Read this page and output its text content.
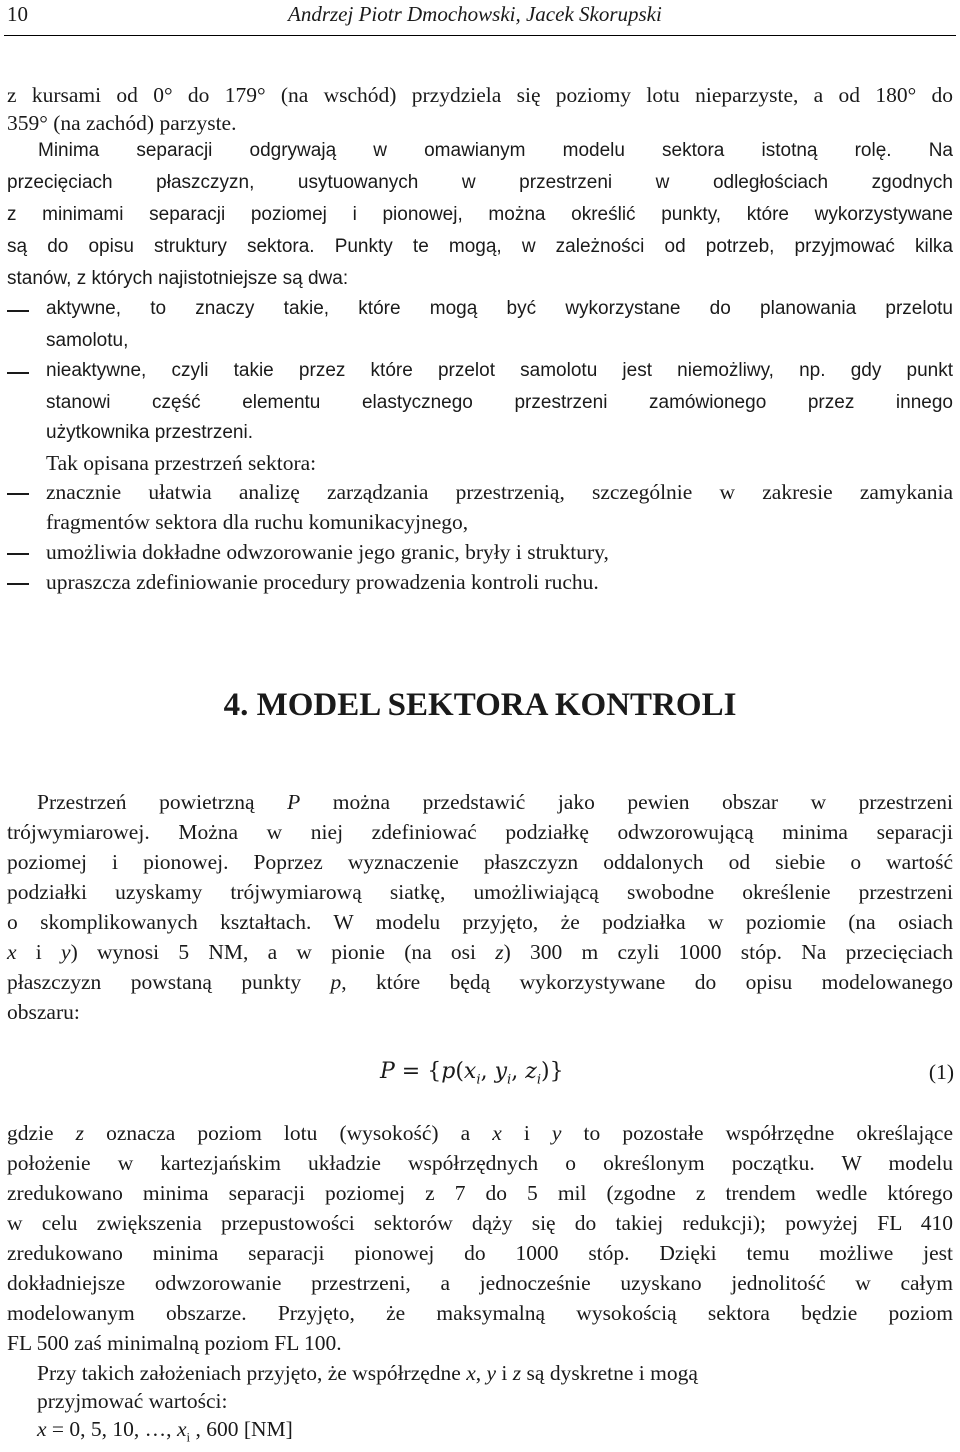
10	Andrzej Piotr Dmochowski, Jacek Skorupski
z kursami od 0° do 179° (na wschód) przydziela się poziomy lotu nieparzyste, a od 180° do
359° (na zachód) parzyste.
Minima separacji odgrywają w omawianym modelu sektora istotną rolę. Na
przecięciach płaszczyzn, usytuowanych w przestrzeni w odległościach zgodnych
z minimami separacji poziomej i pionowej, można określić punkty, które wykorzystywane
są do opisu struktury sektora. Punkty te mogą, w zależności od potrzeb, przyjmować kilka
stanów, z których najistotniejsze są dwa:
aktywne, to znaczy takie, które mogą być wykorzystane do planowania przelotu
samolotu,
nieaktywne, czyli takie przez które przelot samolotu jest niemożliwy, np. gdy punkt
stanowi część elementu elastycznego przestrzeni zamówionego przez innego
użytkownika przestrzeni.
Tak opisana przestrzeń sektora:
znacznie ułatwia analizę zarządzania przestrzenią, szczególnie w zakresie zamykania
fragmentów sektora dla ruchu komunikacyjnego,
umożliwia dokładne odwzorowanie jego granic, bryły i struktury,
upraszcza zdefiniowanie procedury prowadzenia kontroli ruchu.
4. MODEL SEKTORA KONTROLI
Przestrzeń powietrzną P można przedstawić jako pewien obszar w przestrzeni
trójwymiarowej. Można w niej zdefiniować podziałkę odwzorowującą minima separacji
poziomej i pionowej. Poprzez wyznaczenie płaszczyzn oddalonych od siebie o wartość
podziałki uzyskamy trójwymiarową siatkę, umożliwiającą swobodne określenie przestrzeni
o skomplikowanych kształtach. W modelu przyjęto, że podziałka w poziomie (na osiach
x i y) wynosi 5 NM, a w pionie (na osi z) 300 m czyli 1000 stóp. Na przecięciach
płaszczyzn powstaną punkty p, które będą wykorzystywane do opisu modelowanego
obszaru:
$P = \{p(x_i$, $y_i$, $z_i$)}	(1)
gdzie z oznacza poziom lotu (wysokość) a x i y to pozostałe współrzędne określające
położenie w kartezjańskim układzie współrzędnych o określonym początku. W modelu
zredukowano minima separacji poziomej z 7 do 5 mil (zgodne z trendem wedle którego
w celu zwiększenia przepustowości sektorów dąży się do takiej redukcji); powyżej FL 410
zredukowano minima separacji pionowej do 1000 stóp. Dzięki temu możliwe jest
dokładniejsze odwzorowanie przestrzeni, a jednocześnie uzyskano jednolitość w całym
modelowanym obszarze. Przyjęto, że maksymalną wysokością sektora będzie poziom
FL 500 zaś minimalną poziom FL 100.
Przy takich założeniach przyjęto, że współrzędne x, y i z są dyskretne i mogą
przyjmować wartości:
x = 0, 5, 10, …, $x_i$ , 600 [NM]
